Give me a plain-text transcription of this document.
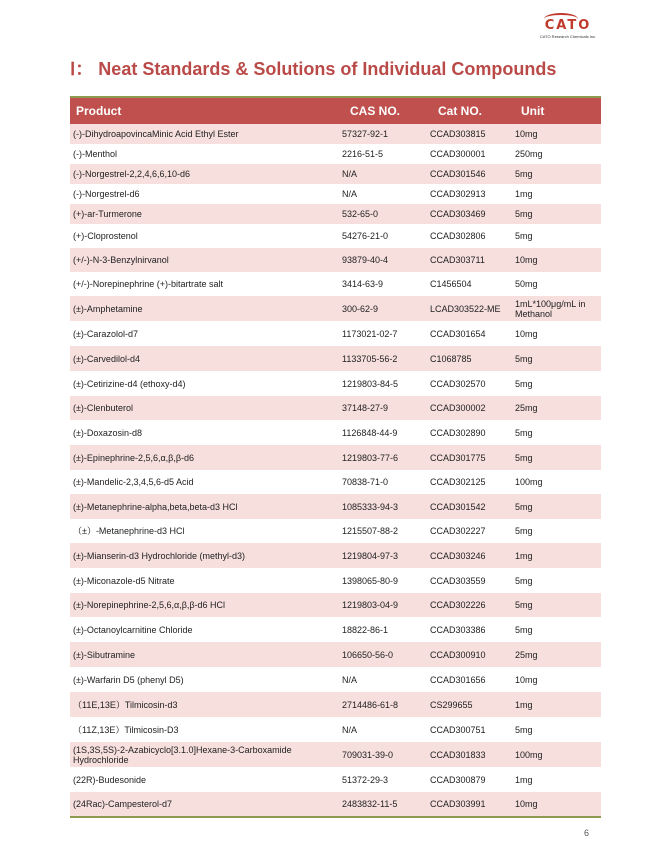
CATO
CATO Research Chemicals Inc.
Ⅰ： Neat Standards & Solutions of Individual Compounds
Product	CAS NO.	Cat NO.	Unit
(-)-DihydroapovincaMinic Acid Ethyl Ester	57327-92-1	CCAD303815	10mg
(-)-Menthol	2216-51-5	CCAD300001	250mg
(-)-Norgestrel-2,2,4,6,6,10-d6	N/A	CCAD301546	5mg
(-)-Norgestrel-d6	N/A	CCAD302913	1mg
(+)-ar-Turmerone	532-65-0	CCAD303469	5mg
(+)-Cloprostenol	54276-21-0	CCAD302806	5mg
(+/-)-N-3-Benzylnirvanol	93879-40-4	CCAD303711	10mg
(+/-)-Norepinephrine (+)-bitartrate salt	3414-63-9	C1456504	50mg
(±)-Amphetamine	300-62-9	LCAD303522-ME	1mL*100μg/mL in Methanol
(±)-Carazolol-d7	1173021-02-7	CCAD301654	10mg
(±)-Carvedilol-d4	1133705-56-2	C1068785	5mg
(±)-Cetirizine-d4 (ethoxy-d4)	1219803-84-5	CCAD302570	5mg
(±)-Clenbuterol	37148-27-9	CCAD300002	25mg
(±)-Doxazosin-d8	1126848-44-9	CCAD302890	5mg
(±)-Epinephrine-2,5,6,α,β,β-d6	1219803-77-6	CCAD301775	5mg
(±)-Mandelic-2,3,4,5,6-d5 Acid	70838-71-0	CCAD302125	100mg
(±)-Metanephrine-alpha,beta,beta-d3 HCl	1085333-94-3	CCAD301542	5mg
（±）-Metanephrine-d3 HCl	1215507-88-2	CCAD302227	5mg
(±)-Mianserin-d3 Hydrochloride (methyl-d3)	1219804-97-3	CCAD303246	1mg
(±)-Miconazole-d5 Nitrate	1398065-80-9	CCAD303559	5mg
(±)-Norepinephrine-2,5,6,α,β,β-d6 HCl	1219803-04-9	CCAD302226	5mg
(±)-Octanoylcarnitine Chloride	18822-86-1	CCAD303386	5mg
(±)-Sibutramine	106650-56-0	CCAD300910	25mg
(±)-Warfarin D5 (phenyl D5)	N/A	CCAD301656	10mg
（11E,13E）Tilmicosin-d3	2714486-61-8	CS299655	1mg
（11Z,13E）Tilmicosin-D3	N/A	CCAD300751	5mg
(1S,3S,5S)-2-Azabicyclo[3.1.0]Hexane-3-Carboxamide Hydrochloride	709031-39-0	CCAD301833	100mg
(22R)-Budesonide	51372-29-3	CCAD300879	1mg
(24Rac)-Campesterol-d7	2483832-11-5	CCAD303991	10mg
6
